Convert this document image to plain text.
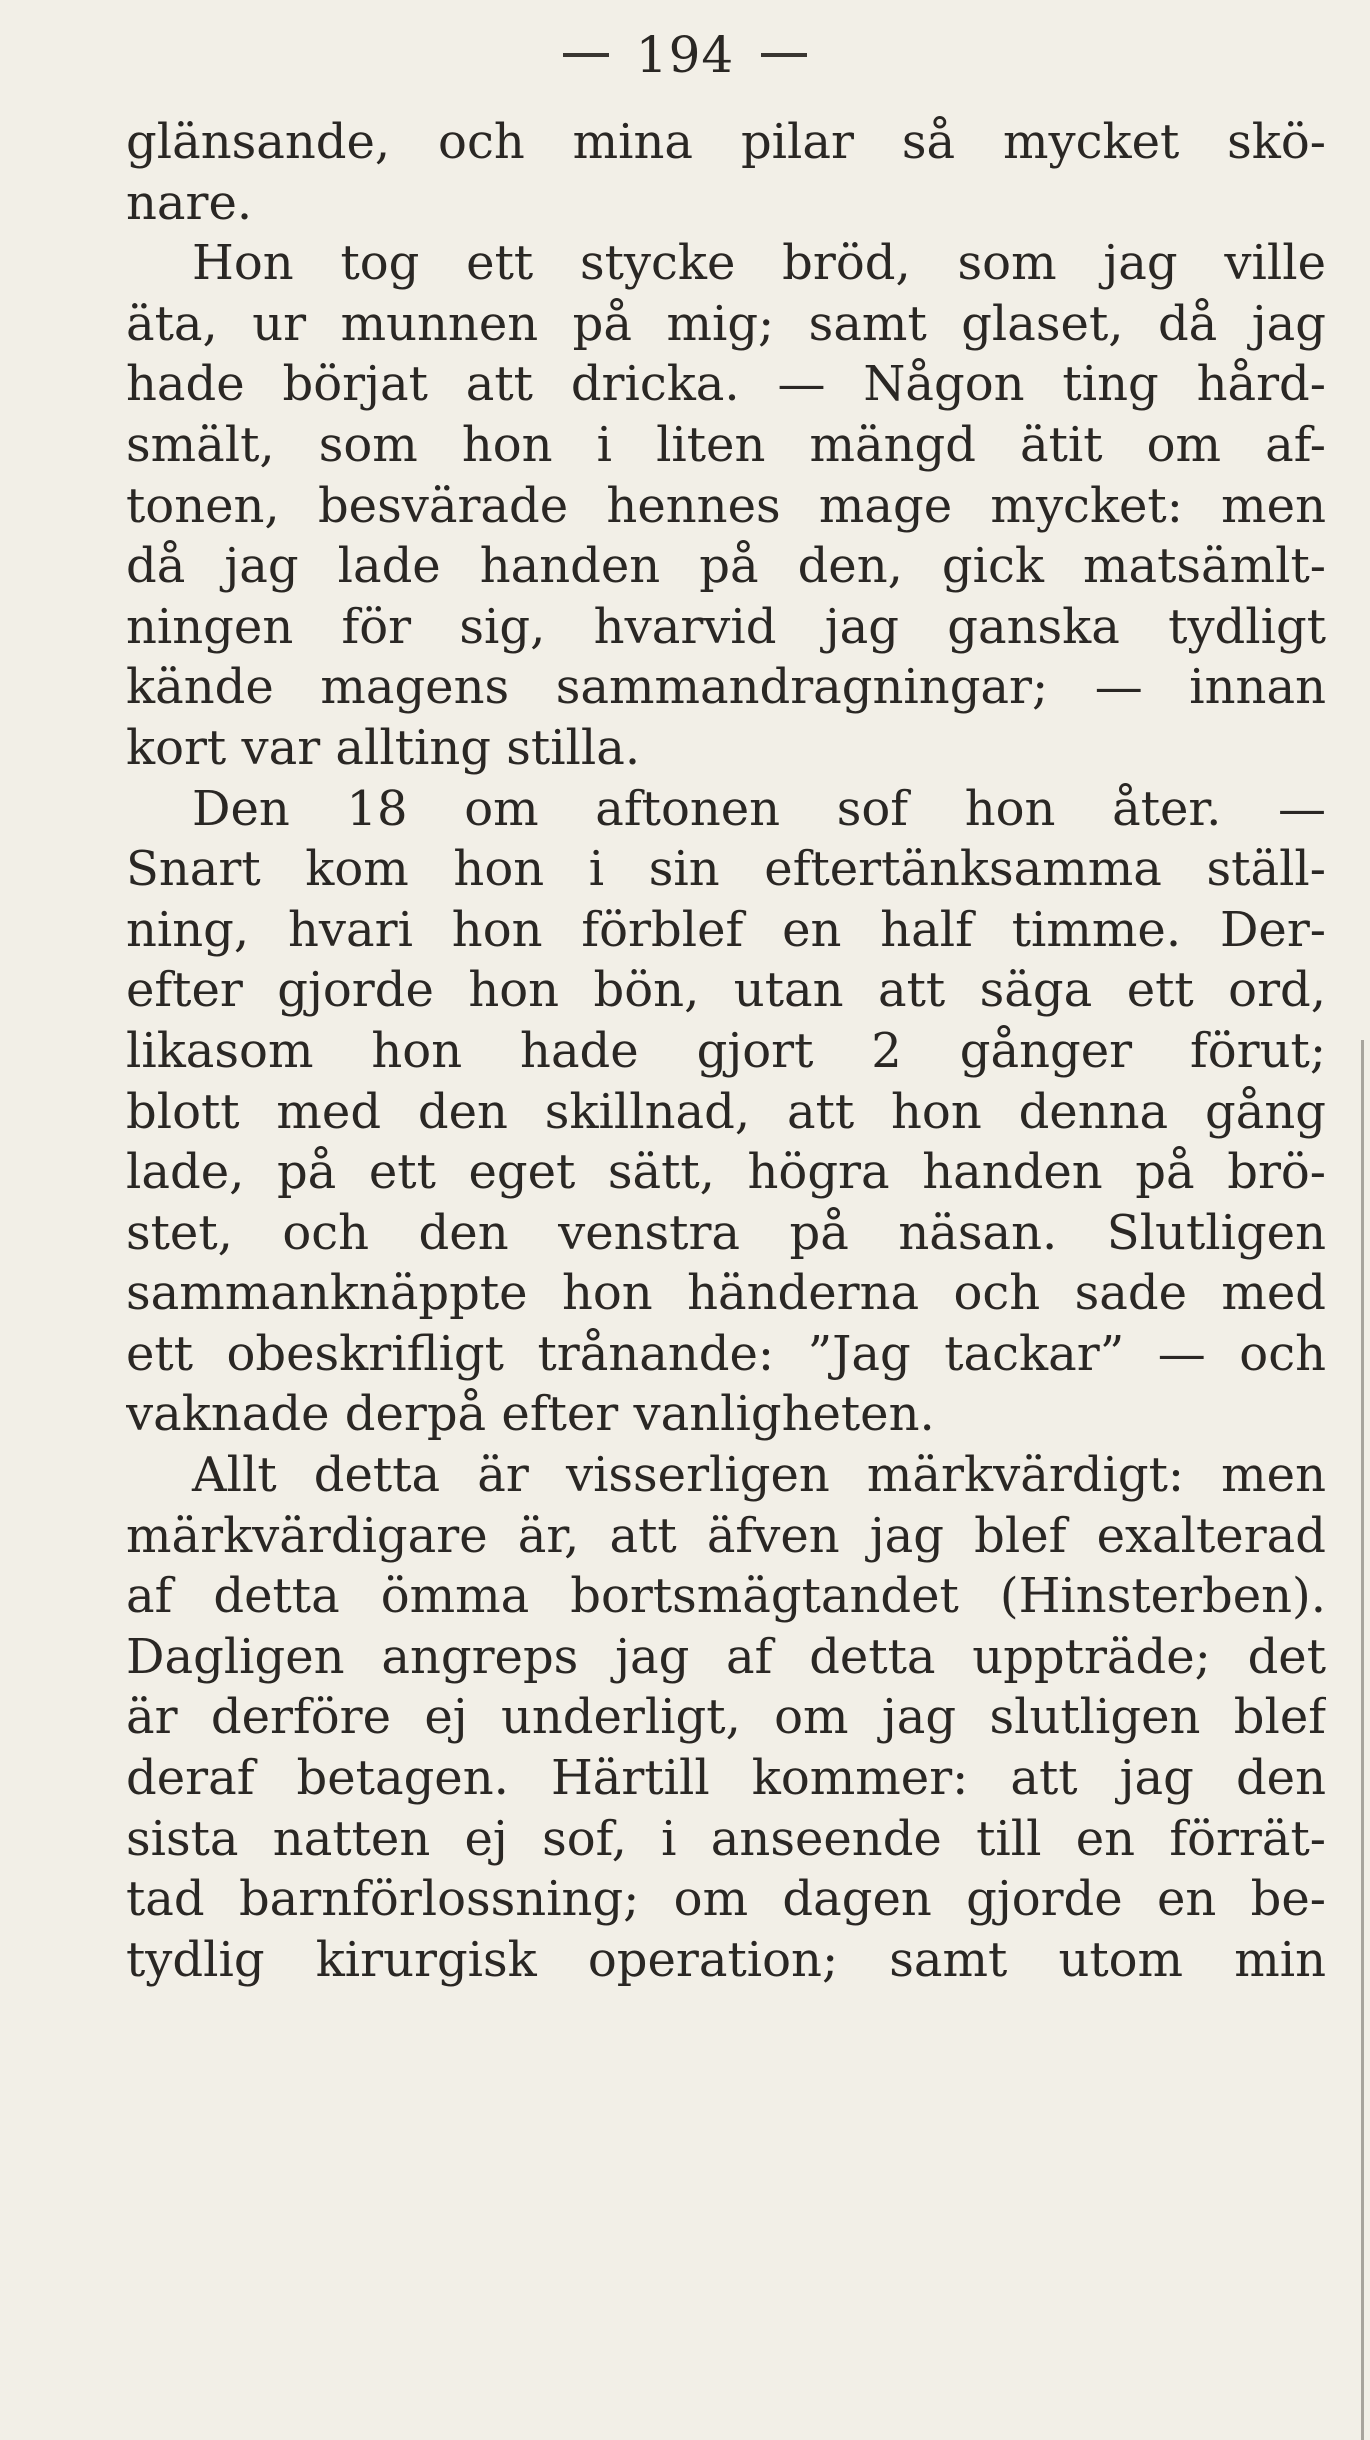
194
glänsande, och mina pilar så mycket skö-
nare.
Hon tog ett stycke bröd, som jag ville
äta, ur munnen på mig; samt glaset, då jag
hade börjat att dricka. — Någon ting hård-
smält, som hon i liten mängd ätit om af-
tonen, besvärade hennes mage mycket: men
då jag lade handen på den, gick matsämlt-
ningen för sig, hvarvid jag ganska tydligt
kände magens sammandragningar; — innan
kort var allting stilla.
Den 18 om aftonen sof hon åter. —
Snart kom hon i sin eftertänksamma ställ-
ning, hvari hon förblef en half timme. Der-
efter gjorde hon bön, utan att säga ett ord,
likasom hon hade gjort 2 gånger förut;
blott med den skillnad, att hon denna gång
lade, på ett eget sätt, högra handen på brö-
stet, och den venstra på näsan. Slutligen
sammanknäppte hon händerna och sade med
ett obeskrifligt trånande: ”Jag tackar” — och
vaknade derpå efter vanligheten.
Allt detta är visserligen märkvärdigt: men
märkvärdigare är, att äfven jag blef exalterad
af detta ömma bortsmägtandet (Hinsterben).
Dagligen angreps jag af detta uppträde; det
är derföre ej underligt, om jag slutligen blef
deraf betagen. Härtill kommer: att jag den
sista natten ej sof, i anseende till en förrät-
tad barnförlossning; om dagen gjorde en be-
tydlig kirurgisk operation; samt utom min
